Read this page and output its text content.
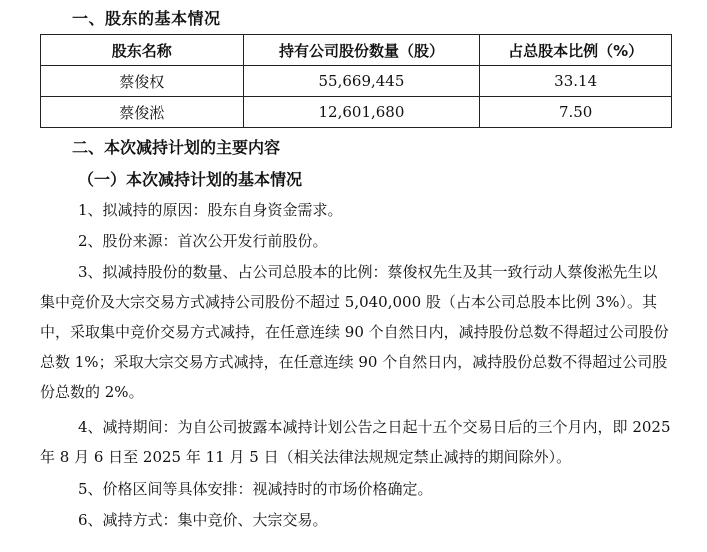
一、股东的基本情况
股东名称	持有公司股份数量（股）	占总股本比例（%）
蔡俊权	55,669,445	33.14
蔡俊淞	12,601,680	7.50
二、本次减持计划的主要内容
（一）本次减持计划的基本情况

1、拟减持的原因：股东自身资金需求。

2、股份来源：首次公开发行前股份。

3、拟减持股份的数量、占公司总股本的比例：蔡俊权先生及其一致行动人蔡俊淞先生以集中竞价及大宗交易方式减持公司股份不超过 5,040,000 股（占本公司总股本比例 3%）。其中，采取集中竞价交易方式减持，在任意连续 90 个自然日内，减持股份总数不得超过公司股份总数 1%；采取大宗交易方式减持，在任意连续 90 个自然日内，减持股份总数不得超过公司股份总数的 2%。

4、减持期间：为自公司披露本减持计划公告之日起十五个交易日后的三个月内，即 2025 年 8 月 6 日至 2025 年 11 月 5 日（相关法律法规规定禁止减持的期间除外）。

5、价格区间等具体安排：视减持时的市场价格确定。

6、减持方式：集中竞价、大宗交易。
